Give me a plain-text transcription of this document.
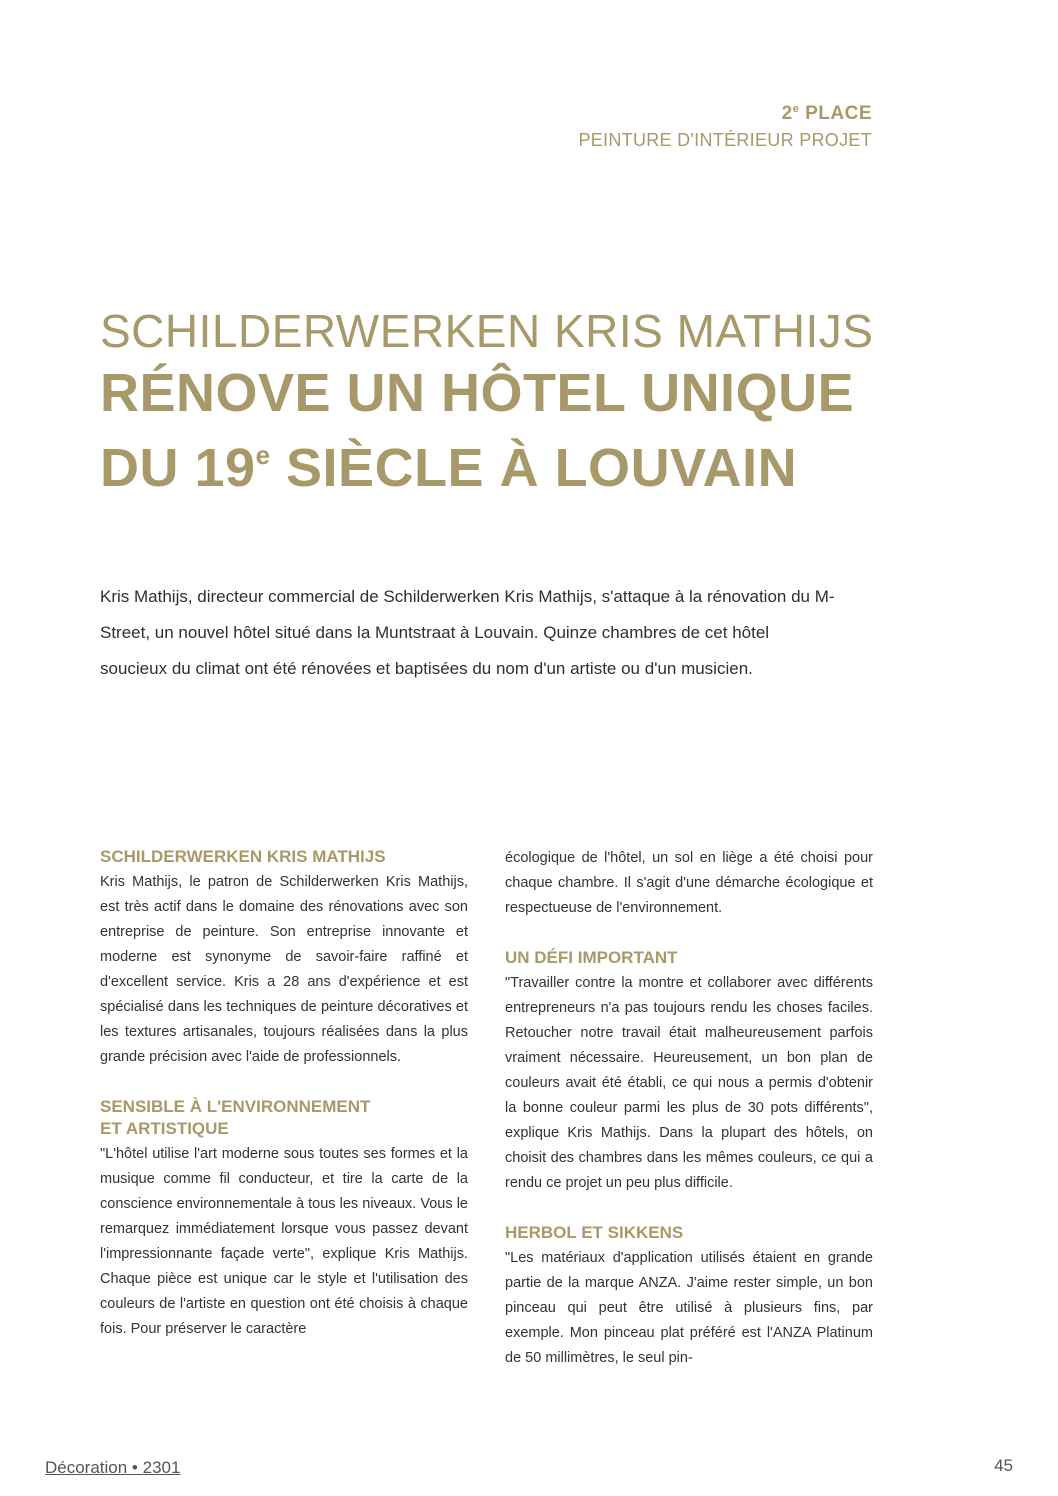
2e PLACE
PEINTURE D'INTÉRIEUR PROJET
SCHILDERWERKEN KRIS MATHIJS
RÉNOVE UN HÔTEL UNIQUE
DU 19e SIÈCLE À LOUVAIN

Kris Mathijs, directeur commercial de Schilderwerken Kris Mathijs, s'attaque à la rénovation du M-Street, un nouvel hôtel situé dans la Muntstraat à Louvain. Quinze chambres de cet hôtel soucieux du climat ont été rénovées et baptisées du nom d'un artiste ou d'un musicien.

SCHILDERWERKEN KRIS MATHIJS

Kris Mathijs, le patron de Schilderwerken Kris Mathijs, est très actif dans le domaine des rénovations avec son entreprise de peinture. Son entreprise innovante et moderne est synonyme de savoir-faire raffiné et d'excellent service. Kris a 28 ans d'expérience et est spécialisé dans les techniques de peinture décoratives et les textures artisanales, toujours réalisées dans la plus grande précision avec l'aide de professionnels.

SENSIBLE À L'ENVIRONNEMENT
ET ARTISTIQUE

"L'hôtel utilise l'art moderne sous toutes ses formes et la musique comme fil conducteur, et tire la carte de la conscience environnementale à tous les niveaux. Vous le remarquez immédiatement lorsque vous passez devant l'impressionnante façade verte", explique Kris Mathijs. Chaque pièce est unique car le style et l'utilisation des couleurs de l'artiste en question ont été choisis à chaque fois. Pour préserver le caractère

écologique de l'hôtel, un sol en liège a été choisi pour chaque chambre. Il s'agit d'une démarche écologique et respectueuse de l'environnement.

UN DÉFI IMPORTANT

"Travailler contre la montre et collaborer avec différents entrepreneurs n'a pas toujours rendu les choses faciles. Retoucher notre travail était malheureusement parfois vraiment nécessaire. Heureusement, un bon plan de couleurs avait été établi, ce qui nous a permis d'obtenir la bonne couleur parmi les plus de 30 pots différents", explique Kris Mathijs. Dans la plupart des hôtels, on choisit des chambres dans les mêmes couleurs, ce qui a rendu ce projet un peu plus difficile.

HERBOL ET SIKKENS

"Les matériaux d'application utilisés étaient en grande partie de la marque ANZA. J'aime rester simple, un bon pinceau qui peut être utilisé à plusieurs fins, par exemple. Mon pinceau plat préféré est l'ANZA Platinum de 50 millimètres, le seul pin-

Décoration • 2301	45
